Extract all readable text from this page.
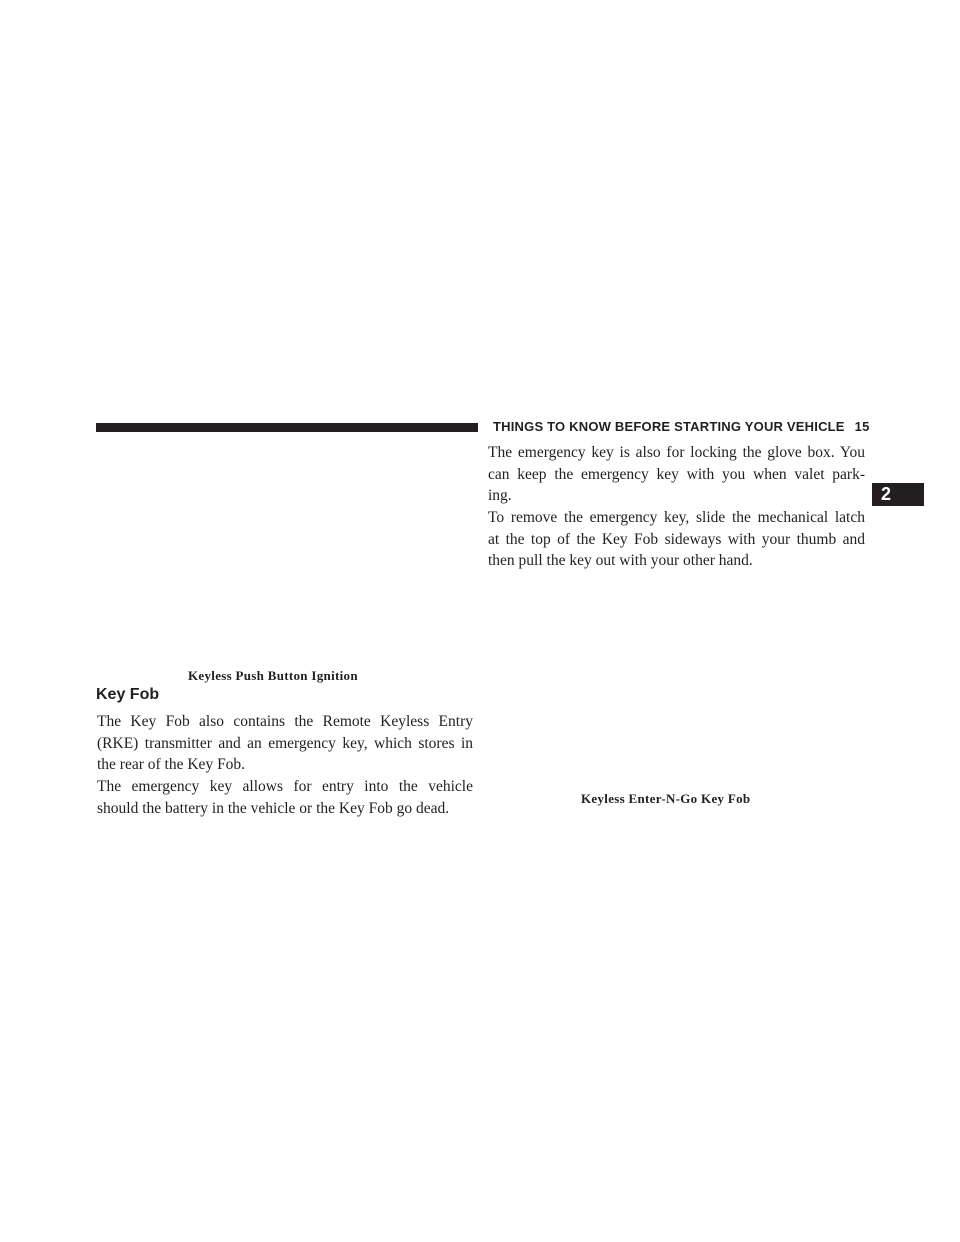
THINGS TO KNOW BEFORE STARTING YOUR VEHICLE 15
2
Keyless Push Button Ignition
Key Fob

The Key Fob also contains the Remote Keyless Entry
(RKE) transmitter and an emergency key, which stores in
the rear of the Key Fob.

The emergency key allows for entry into the vehicle
should the battery in the vehicle or the Key Fob go dead.

The emergency key is also for locking the glove box. You
can keep the emergency key with you when valet park-
ing.

To remove the emergency key, slide the mechanical latch
at the top of the Key Fob sideways with your thumb and
then pull the key out with your other hand.

Keyless Enter-N-Go Key Fob
